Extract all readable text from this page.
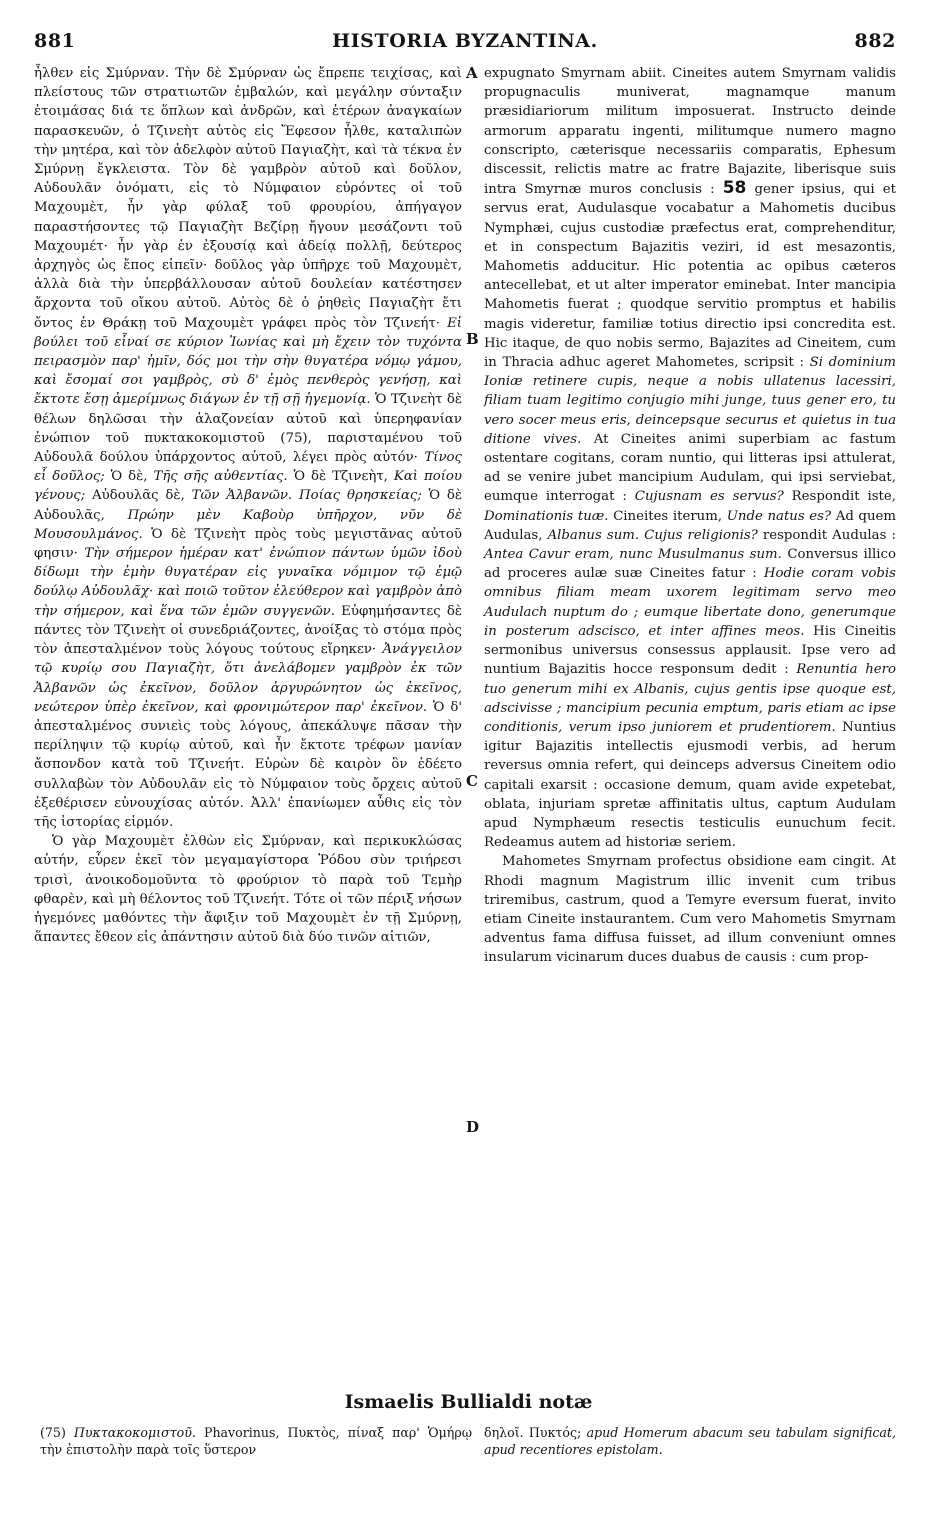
881	HISTORIA BYZANTINA.	882

ἦλθεν εἰς Σμύρναν. Τὴν δὲ Σμύρναν ὡς ἔπρεπε τειχίσας, καὶ πλείστους τῶν στρατιωτῶν ἐμβαλών, καὶ μεγάλην σύνταξιν ἑτοιμάσας διά τε ὅπλων καὶ ἀνδρῶν, καὶ ἑτέρων ἀναγκαίων παρασκευῶν, ὁ Τζινεὴτ αὐτὸς εἰς Ἔφεσον ἦλθε, καταλιπὼν τὴν μητέρα, καὶ τὸν ἀδελφὸν αὐτοῦ Παγιαζὴτ, καὶ τὰ τέκνα ἐν Σμύρνῃ ἔγκλειστα. Τὸν δὲ γαμβρὸν αὐτοῦ καὶ δοῦλον, Αὐδουλᾶν ὀνόματι, εἰς τὸ Νύμφαιον εὑρόντες οἱ τοῦ Μαχουμὲτ, ἦν γὰρ φύλαξ τοῦ φρουρίου, ἀπήγαγον παραστήσοντες τῷ Παγιαζὴτ Βεζίρῃ ἤγουν μεσάζοντι τοῦ Μαχουμέτ· ἦν γὰρ ἐν ἐξουσίᾳ καὶ ἀδείᾳ πολλῇ, δεύτερος ἀρχηγὸς ὡς ἔπος εἰπεῖν· δοῦλος γὰρ ὑπῆρχε τοῦ Μαχουμὲτ, ἀλλὰ διὰ τὴν ὑπερβάλλουσαν αὐτοῦ δουλείαν κατέστησεν ἄρχοντα τοῦ οἴκου αὐτοῦ. Αὐτὸς δὲ ὁ ῥηθεὶς Παγιαζὴτ ἔτι ὄντος ἐν Θράκῃ τοῦ Μαχουμὲτ γράφει πρὸς τὸν Τζινεήτ· Εἰ βούλει τοῦ εἶναί σε κύριον Ἰωνίας καὶ μὴ ἔχειν τὸν τυχόντα πειρασμὸν παρ' ἡμῖν, δός μοι τὴν σὴν θυγατέρα νόμῳ γάμου, καὶ ἔσομαί σοι γαμβρὸς, σὺ δ' ἐμὸς πενθερὸς γενήσῃ, καὶ ἔκτοτε ἔσῃ ἀμερίμνως διάγων ἐν τῇ σῇ ἡγεμονίᾳ. Ὁ Τζινεὴτ δὲ θέλων δηλῶσαι τὴν ἀλαζονείαν αὐτοῦ καὶ ὑπερηφανίαν ἐνώπιον τοῦ πυκτακοκομιστοῦ (75), παρισταμένου τοῦ Αὐδουλᾶ δούλου ὑπάρχοντος αὐτοῦ, λέγει πρὸς αὐτόν· Τίνος εἶ δοῦλος; Ὁ δὲ, Τῆς σῆς αὐθεντίας. Ὁ δὲ Τζινεὴτ, Καὶ ποίου γένους; Αὐδουλᾶς δὲ, Τῶν Ἀλβανῶν. Ποίας θρησκείας; Ὁ δὲ Αὐδουλᾶς, Πρώην μὲν Καβοὺρ ὑπῆρχον, νῦν δὲ Μουσουλμάνος. Ὁ δὲ Τζινεὴτ πρὸς τοὺς μεγιστᾶνας αὐτοῦ φησιν· Τὴν σήμερον ἡμέραν κατ' ἐνώπιον πάντων ὑμῶν ἰδοὺ δίδωμι τὴν ἐμὴν θυγατέραν εἰς γυναῖκα νόμιμον τῷ ἐμῷ δούλῳ Αὐδουλᾶχ· καὶ ποιῶ τοῦτον ἐλεύθερον καὶ γαμβρὸν ἀπὸ τὴν σήμερον, καὶ ἕνα τῶν ἐμῶν συγγενῶν. Εὐφημήσαντες δὲ πάντες τὸν Τζινεὴτ οἱ συνεδριάζοντες, ἀνοίξας τὸ στόμα πρὸς τὸν ἀπεσταλμένον τοὺς λόγους τούτους εἴρηκεν· Ἀνάγγειλον τῷ κυρίῳ σου Παγιαζὴτ, ὅτι ἀνελάβομεν γαμβρὸν ἐκ τῶν Ἀλβανῶν ὡς ἐκεῖνον, δοῦλον ἀργυρώνητον ὡς ἐκεῖνος, νεώτερον ὑπὲρ ἐκεῖνον, καὶ φρονιμώτερον παρ' ἐκεῖνον. Ὁ δ' ἀπεσταλμένος συνιεὶς τοὺς λόγους, ἀπεκάλυψε πᾶσαν τὴν περίληψιν τῷ κυρίῳ αὐτοῦ, καὶ ἦν ἔκτοτε τρέφων μανίαν ἄσπονδον κατὰ τοῦ Τζινεήτ. Εὑρὼν δὲ καιρὸν ὃν ἐδέετο συλλαβὼν τὸν Αὐδουλᾶν εἰς τὸ Νύμφαιον τοὺς ὄρχεις αὐτοῦ ἐξεθέρισεν εὐνουχίσας αὐτόν. Ἀλλ' ἐπανίωμεν αὖθις εἰς τὸν τῆς ἱστορίας εἱρμόν.

Ὁ γὰρ Μαχουμὲτ ἐλθὼν εἰς Σμύρναν, καὶ περικυκλώσας αὐτήν, εὗρεν ἐκεῖ τὸν μεγαμαγίστορα Ῥόδου σὺν τριήρεσι τρισὶ, ἀνοικοδομοῦντα τὸ φρούριον τὸ παρὰ τοῦ Τεμὴρ φθαρὲν, καὶ μὴ θέλοντος τοῦ Τζινεήτ. Τότε οἱ τῶν πέριξ νήσων ἡγεμόνες μαθόντες τὴν ἄφιξιν τοῦ Μαχουμὲτ ἐν τῇ Σμύρνῃ, ἅπαντες ἔθεον εἰς ἀπάντησιν αὐτοῦ διὰ δύο τινῶν αἰτιῶν,

A
B
C
D

expugnato Smyrnam abiit. Cineites autem Smyrnam validis propugnaculis muniverat, magnamque manum præsidiariorum militum imposuerat. Instructo deinde armorum apparatu ingenti, militumque numero magno conscripto, cæterisque necessariis comparatis, Ephesum discessit, relictis matre ac fratre Bajazite, liberisque suis intra Smyrnæ muros conclusis : 58 gener ipsius, qui et servus erat, Audulasque vocabatur a Mahometis ducibus Nymphæi, cujus custodiæ præfectus erat, comprehenditur, et in conspectum Bajazitis veziri, id est mesazontis, Mahometis adducitur. Hic potentia ac opibus cæteros antecellebat, et ut alter imperator eminebat. Inter mancipia Mahometis fuerat ; quodque servitio promptus et habilis magis videretur, familiæ totius directio ipsi concredita est. Hic itaque, de quo nobis sermo, Bajazites ad Cineitem, cum in Thracia adhuc ageret Mahometes, scripsit : Si dominium Ioniæ retinere cupis, neque a nobis ullatenus lacessiri, filiam tuam legitimo conjugio mihi junge, tuus gener ero, tu vero socer meus eris, deincepsque securus et quietus in tua ditione vives. At Cineites animi superbiam ac fastum ostentare cogitans, coram nuntio, qui litteras ipsi attulerat, ad se venire jubet mancipium Audulam, qui ipsi serviebat, eumque interrogat : Cujusnam es servus? Respondit iste, Dominationis tuæ. Cineites iterum, Unde natus es? Ad quem Audulas, Albanus sum. Cujus religionis? respondit Audulas : Antea Cavur eram, nunc Musulmanus sum. Conversus illico ad proceres aulæ suæ Cineites fatur : Hodie coram vobis omnibus filiam meam uxorem legitimam servo meo Audulach nuptum do ; eumque libertate dono, generumque in posterum adscisco, et inter affines meos. His Cineitis sermonibus universus consessus applausit. Ipse vero ad nuntium Bajazitis hocce responsum dedit : Renuntia hero tuo generum mihi ex Albanis, cujus gentis ipse quoque est, adscivisse ; mancipium pecunia emptum, paris etiam ac ipse conditionis, verum ipso juniorem et prudentiorem. Nuntius igitur Bajazitis intellectis ejusmodi verbis, ad herum reversus omnia refert, qui deinceps adversus Cineitem odio capitali exarsit : occasione demum, quam avide expetebat, oblata, injuriam spretæ affinitatis ultus, captum Audulam apud Nymphæum resectis testiculis eunuchum fecit. Redeamus autem ad historiæ seriem.

Mahometes Smyrnam profectus obsidione eam cingit. At Rhodi magnum Magistrum illic invenit cum tribus triremibus, castrum, quod a Temyre eversum fuerat, invito etiam Cineite instaurantem. Cum vero Mahometis Smyrnam adventus fama diffusa fuisset, ad illum conveniunt omnes insularum vicinarum duces duabus de causis : cum prop-

Ismaelis Bullialdi notæ

(75) Πυκτακοκομιστοῦ. Phavorinus, Πυκτὸς, πίναξ παρ' Ὁμήρῳ τὴν ἐπιστολὴν παρὰ τοῖς ὕστερον

δηλοῖ. Πυκτός; apud Homerum abacum seu tabulam significat, apud recentiores epistolam.
